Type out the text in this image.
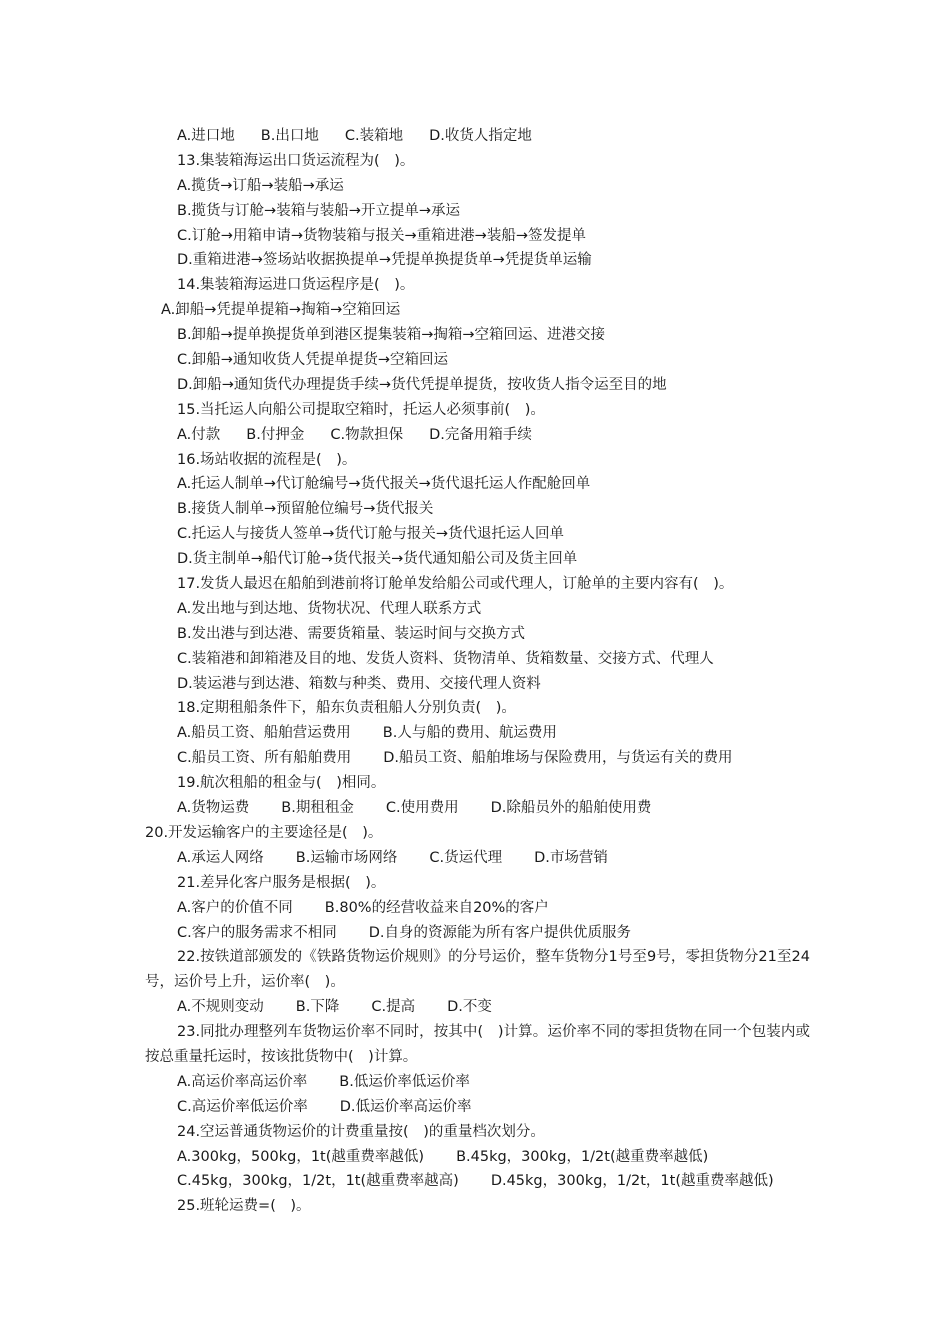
A.进口地 B.出口地 C.装箱地 D.收货人指定地
13.集装箱海运出口货运流程为(　)。
A.揽货→订船→装船→承运
B.揽货与订舱→装箱与装船→开立提单→承运
C.订舱→用箱申请→货物装箱与报关→重箱进港→装船→签发提单
D.重箱进港→签场站收据换提单→凭提单换提货单→凭提货单运输
14.集装箱海运进口货运程序是(　)。
A.卸船→凭提单提箱→掏箱→空箱回运
B.卸船→提单换提货单到港区提集装箱→掏箱→空箱回运、进港交接
C.卸船→通知收货人凭提单提货→空箱回运
D.卸船→通知货代办理提货手续→货代凭提单提货，按收货人指令运至目的地
15.当托运人向船公司提取空箱时，托运人必须事前(　)。
A.付款 B.付押金 C.物款担保 D.完备用箱手续
16.场站收据的流程是(　)。
A.托运人制单→代订舱编号→货代报关→货代退托运人作配舱回单
B.接货人制单→预留舱位编号→货代报关
C.托运人与接货人签单→货代订舱与报关→货代退托运人回单
D.货主制单→船代订舱→货代报关→货代通知船公司及货主回单
17.发货人最迟在船舶到港前将订舱单发给船公司或代理人，订舱单的主要内容有(　)。
A.发出地与到达地、货物状况、代理人联系方式
B.发出港与到达港、需要货箱量、装运时间与交换方式
C.装箱港和卸箱港及目的地、发货人资料、货物清单、货箱数量、交接方式、代理人
D.装运港与到达港、箱数与种类、费用、交接代理人资料
18.定期租船条件下，船东负责租船人分别负责(　)。
A.船员工资、船舶营运费用 B.人与船的费用、航运费用
C.船员工资、所有船舶费用 D.船员工资、船舶堆场与保险费用，与货运有关的费用
19.航次租船的租金与(　)相同。
A.货物运费 B.期租租金 C.使用费用 D.除船员外的船舶使用费
20.开发运输客户的主要途径是(　)。
A.承运人网络 B.运输市场网络 C.货运代理 D.市场营销
21.差异化客户服务是根据(　)。
A.客户的价值不同 B.80%的经营收益来自20%的客户
C.客户的服务需求不相同 D.自身的资源能为所有客户提供优质服务
22.按铁道部颁发的《铁路货物运价规则》的分号运价，整车货物分1号至9号，零担货物分21至24号，运价号上升，运价率(　)。
A.不规则变动 B.下降 C.提高 D.不变
23.同批办理整列车货物运价率不同时，按其中(　)计算。运价率不同的零担货物在同一个包装内或按总重量托运时，按该批货物中(　)计算。
A.高运价率高运价率 B.低运价率低运价率
C.高运价率低运价率 D.低运价率高运价率
24.空运普通货物运价的计费重量按(　)的重量档次划分。
A.300kg，500kg，1t(越重费率越低) B.45kg，300kg，1/2t(越重费率越低)
C.45kg，300kg，1/2t，1t(越重费率越高) D.45kg，300kg，1/2t，1t(越重费率越低)
25.班轮运费=(　)。
